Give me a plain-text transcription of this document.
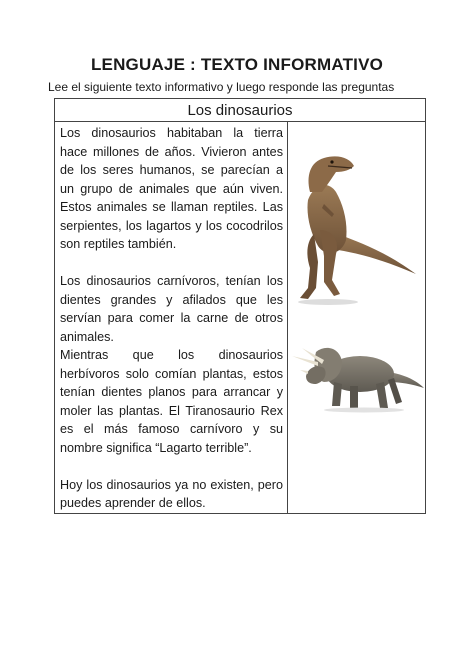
LENGUAJE : TEXTO INFORMATIVO
Lee el siguiente texto informativo y luego responde las preguntas
Los dinosaurios

Los dinosaurios habitaban la tierra hace millones de años. Vivieron antes de los seres humanos, se parecían a un grupo de animales que aún viven. Estos animales se llaman reptiles. Las serpientes, los lagartos y los cocodrilos son reptiles también.

Los dinosaurios carnívoros, tenían los dientes grandes y afilados que les servían para comer la carne de otros animales.

Mientras que los dinosaurios herbívoros solo comían plantas, estos tenían dientes planos para arrancar y moler las plantas. El Tiranosaurio Rex es el más famoso carnívoro y su nombre significa “Lagarto terrible”.

Hoy los dinosaurios ya no existen, pero puedes aprender de ellos.
